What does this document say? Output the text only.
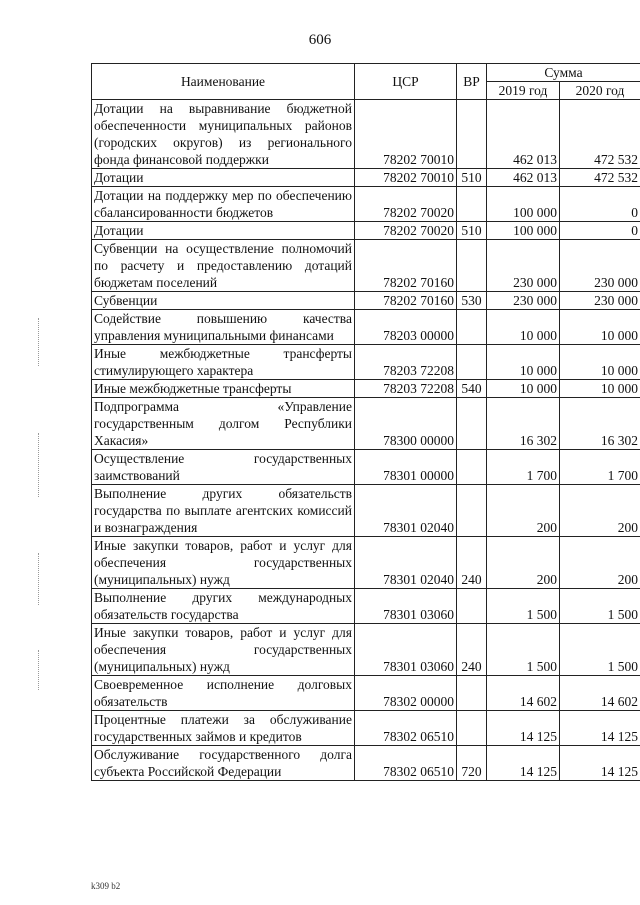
606
Наименование	ЦСР	ВР	Сумма	
			2019 год	2020 год
Дотации на выравнивание бюджетной обеспеченности муниципальных районов (городских округов) из регионального фонда финансовой поддержки	78202 70010		462 013	472 532
Дотации	78202 70010	510	462 013	472 532
Дотации на поддержку мер по обеспечению сбалансированности бюджетов	78202 70020		100 000	0
Дотации	78202 70020	510	100 000	0
Субвенции на осуществление полномочий по расчету и предоставлению дотаций бюджетам поселений	78202 70160		230 000	230 000
Субвенции	78202 70160	530	230 000	230 000
Содействие повышению качества управления муниципальными финансами	78203 00000		10 000	10 000
Иные межбюджетные трансферты стимулирующего характера	78203 72208		10 000	10 000
Иные межбюджетные трансферты	78203 72208	540	10 000	10 000
Подпрограмма «Управление государственным долгом Республики Хакасия»	78300 00000		16 302	16 302
Осуществление государственных заимствований	78301 00000		1 700	1 700
Выполнение других обязательств государства по выплате агентских комиссий и вознаграждения	78301 02040		200	200
Иные закупки товаров, работ и услуг для обеспечения государственных (муниципальных) нужд	78301 02040	240	200	200
Выполнение других международных обязательств государства	78301 03060		1 500	1 500
Иные закупки товаров, работ и услуг для обеспечения государственных (муниципальных) нужд	78301 03060	240	1 500	1 500
Своевременное исполнение долговых обязательств	78302 00000		14 602	14 602
Процентные платежи за обслуживание государственных займов и кредитов	78302 06510		14 125	14 125
Обслуживание государственного долга субъекта Российской Федерации	78302 06510	720	14 125	14 125
k309 b2
